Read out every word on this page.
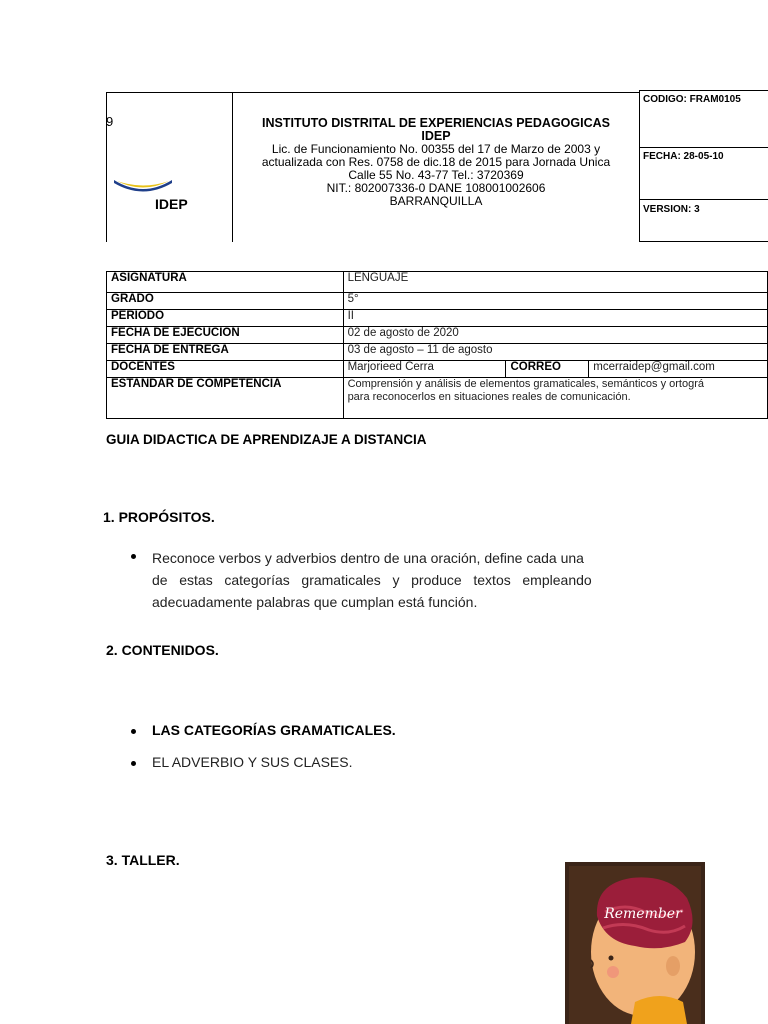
9
IDEP
INSTITUTO DISTRITAL DE EXPERIENCIAS PEDAGOGICAS
IDEP
Lic. de Funcionamiento No. 00355 del 17 de Marzo de 2003 y
actualizada con Res. 0758 de dic.18 de 2015 para Jornada Unica
Calle 55 No. 43-77 Tel.: 3720369
NIT.: 802007336-0 DANE 108001002606
BARRANQUILLA
CODIGO: FRAM0105
FECHA: 28-05-10
VERSION: 3
ASIGNATURA	LENGUAJE		
GRADO	5°		
PERIODO	II		
FECHA DE EJECUCION	02 de agosto de 2020		
FECHA DE ENTREGA	03 de agosto – 11 de agosto		
DOCENTES	Marjorieed Cerra	CORREO	mcerraidep@gmail.com
ESTANDAR DE COMPETENCIA	Comprensión y análisis de elementos gramaticales, semánticos y ortográ
para reconocerlos en situaciones reales de comunicación.		
GUIA DIDACTICA DE APRENDIZAJE A DISTANCIA
1. PROPÓSITOS.
Reconoce verbos y adverbios dentro de una oración, define cada una
de   estas   categorías   gramaticales   y   produce   textos   empleando
adecuadamente palabras que cumplan está función.
2. CONTENIDOS.
LAS CATEGORÍAS GRAMATICALES.
EL ADVERBIO Y SUS CLASES.
3. TALLER.
Remember
